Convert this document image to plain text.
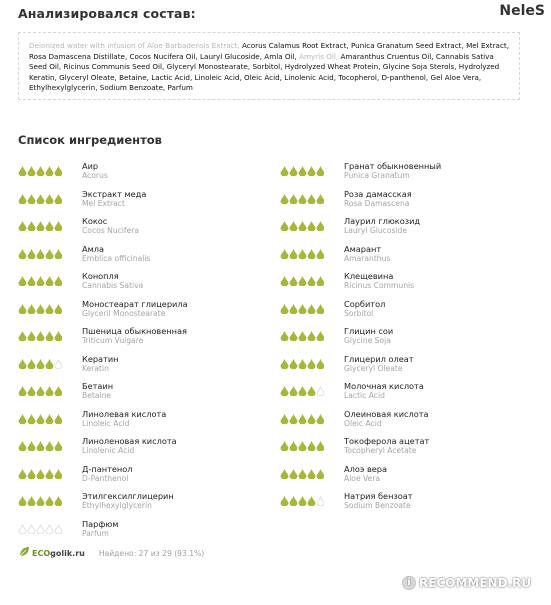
Анализировался состав:	NeleS
Deionized water with infusion of Aloe Barbadensis Extract, Acorus Calamus Root Extract, Punica Granatum Seed Extract, Mel Extract, Rosa Damascena Distillate, Cocos Nucifera Oil, Lauryl Glucoside, Amla Oil, Amyris Oil, Amaranthus Cruentus Oil, Cannabis Sativa Seed Oil, Ricinus Communis Seed Oil, Glyceryl Monostearate, Sorbitol, Hydrolyzed Wheat Protein, Glycine Soja Sterols, Hydrolyzed Keratin, Glyceryl Oleate, Betaine, Lactic Acid, Linoleic Acid, Oleic Acid, Linolenic Acid, Tocopherol, D-panthenol, Gel Aloe Vera, Ethylhexylglycerin, Sodium Benzoate, Parfum
Список ингредиентов
Аир
Acorus
Экстракт меда
Mel Extract
Кокос
Cocos Nucifera
Амла
Emblica officinalis
Конопля
Cannabis Sativa
Моностеарат глицерила
Glyceril Monostearate
Пшеница обыкновенная
Triticum Vulgare
Кератин
Keratin
Бетаин
Betaine
Линолевая кислота
Linoleic Acid
Линоленовая кислота
Linolenic Acid
Д-пантенол
D-Panthenol
Этилгексилглицерин
Ethylhexylglycerin
Парфюм
Parfum
Гранат обыкновенный
Punica Granatum
Роза дамасская
Rosa Damascena
Лаурил глюкозид
Lauryl Glucoside
Амарант
Amaranthus
Клещевина
Ricinus Communis
Сорбитол
Sorbitol
Глицин сои
Glycine Soja
Глицерил олеат
Glyceryl Oleate
Молочная кислота
Lactic Acid
Олеиновая кислота
Oleic Acid
Токоферола ацетат
Tocopheryl Acetate
Алоэ вера
Aloe Vera
Натрия бензоат
Sodium Benzoate
ECO golik.ru Найдено: 27 из 29 (93.1%)
i RECOMMEND.RU
